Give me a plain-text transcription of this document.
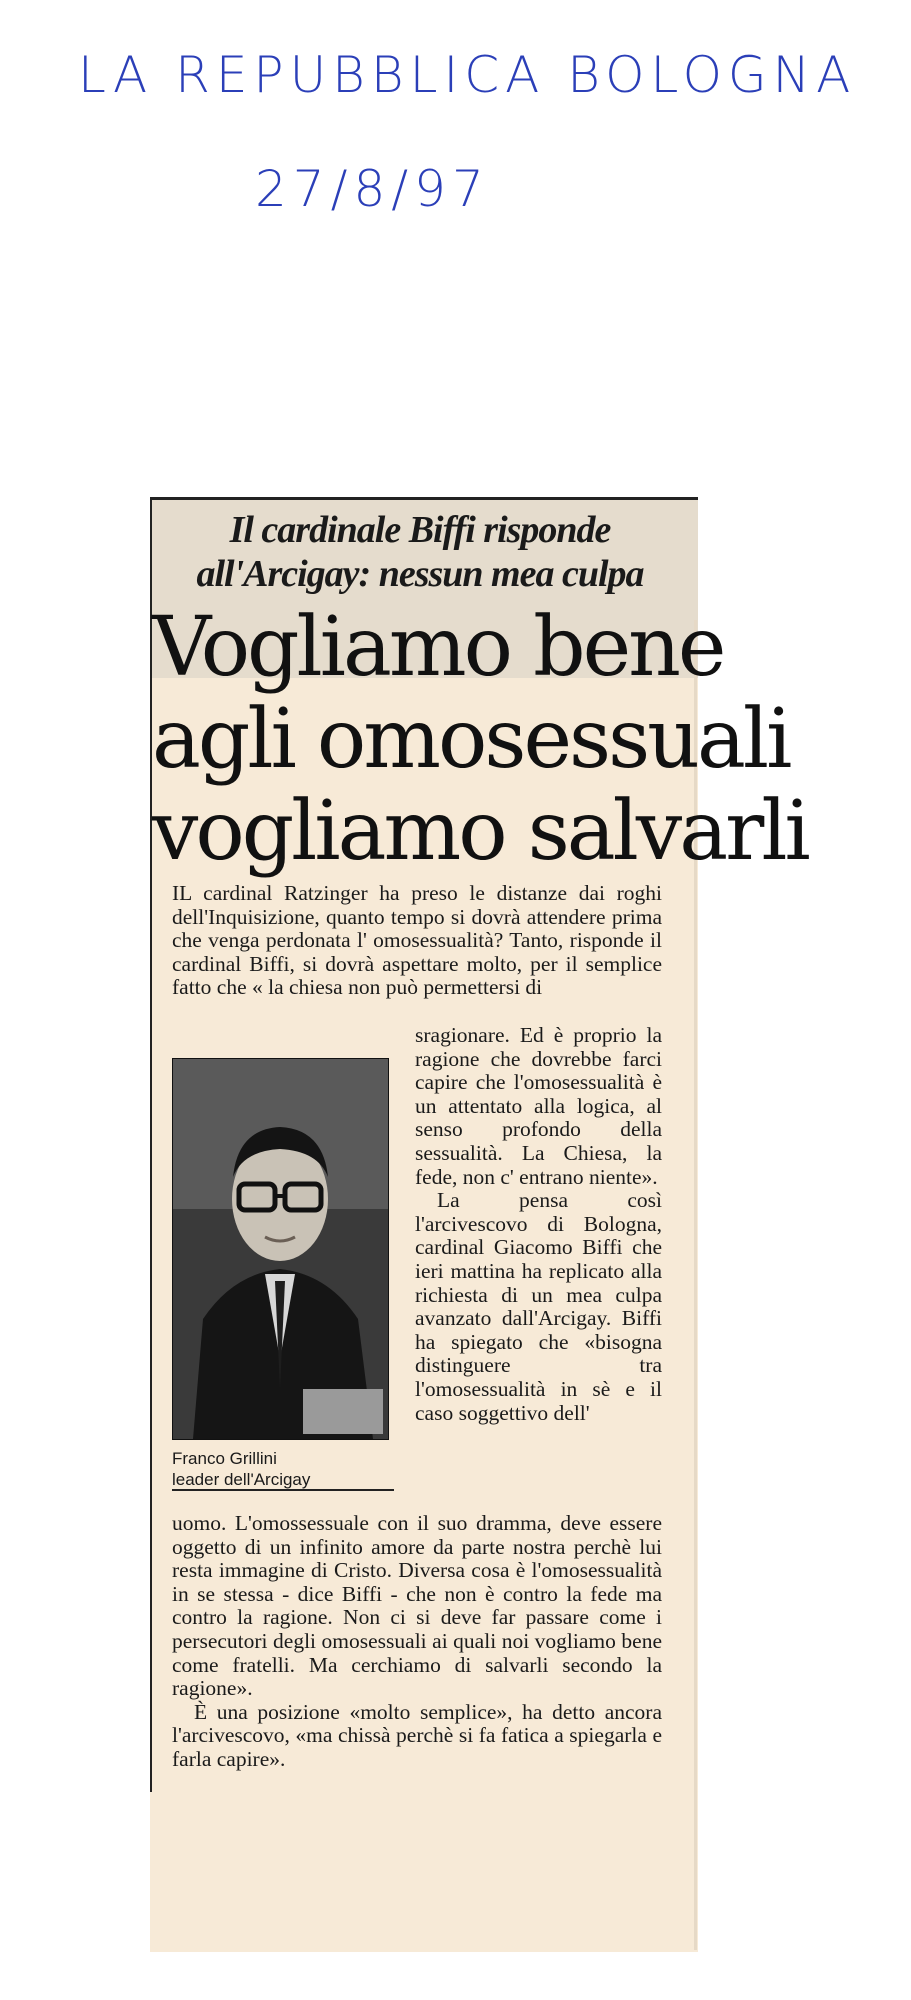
LA REPUBBLICA BOLOGNA
27/8/97
Il cardinale Biffi risponde
all'Arcigay: nessun mea culpa
Vogliamo bene
agli omosessuali
vogliamo salvarli

IL cardinal Ratzinger ha preso le distanze dai roghi dell'Inquisizione, quanto tempo si dovrà attendere prima che venga perdonata l' omosessualità? Tanto, risponde il cardinal Biffi, si dovrà aspettare molto, per il semplice fatto che « la chiesa non può permettersi di

Franco Grillini
leader dell'Arcigay

sragionare. Ed è proprio la ragione che dovrebbe farci capire che l'omosessualità è un attentato alla logica, al senso profondo della sessualità. La Chiesa, la fede, non c' entrano niente».

La pensa così l'arcivescovo di Bologna, cardinal Giacomo Biffi che ieri mattina ha replicato alla richiesta di un mea culpa avanzato dall'Arcigay. Biffi ha spiegato che «bisogna distinguere tra l'omosessualità in sè e il caso soggettivo dell'

uomo. L'omossessuale con il suo dramma, deve essere oggetto di un infinito amore da parte nostra perchè lui resta immagine di Cristo. Diversa cosa è l'omosessualità in se stessa - dice Biffi - che non è contro la fede ma contro la ragione. Non ci si deve far passare come i persecutori degli omosessuali ai quali noi vogliamo bene come fratelli. Ma cerchiamo di salvarli secondo la ragione».

È una posizione «molto semplice», ha detto ancora l'arcivescovo, «ma chissà perchè si fa fatica a spiegarla e farla capire».
